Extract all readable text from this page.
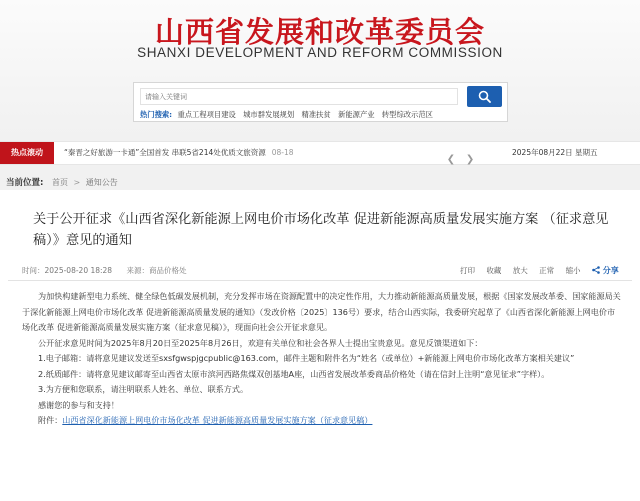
山西省发展和改革委员会
SHANXI DEVELOPMENT AND REFORM COMMISSION
请输入关键词
热门搜索: 重点工程项目建设 城市群发展规划 精准扶贫 新能源产业 转型综改示范区
热点滚动	“秦晋之好旅游一卡通”全国首发 串联5省214处优质文旅资源 08-18
❮ ❯
2025年08月22日 星期五
当前位置: 首页 > 通知公告
关于公开征求《山西省深化新能源上网电价市场化改革 促进新能源高质量发展实施方案 （征求意见稿）》意见的通知
时间：2025-08-20 18:28 来源：商品价格处	打印 收藏 放大 正常 缩小	分享

为加快构建新型电力系统、健全绿色低碳发展机制，充分发挥市场在资源配置中的决定性作用，大力推动新能源高质量发展，根据《国家发展改革委、国家能源局关于深化新能源上网电价市场化改革 促进新能源高质量发展的通知》（发改价格〔2025〕136号）要求，结合山西实际，我委研究起草了《山西省深化新能源上网电价市场化改革 促进新能源高质量发展实施方案（征求意见稿）》，现面向社会公开征求意见。

公开征求意见时间为2025年8月20日至2025年8月26日，欢迎有关单位和社会各界人士提出宝贵意见。意见反馈渠道如下：

1.电子邮箱：请将意见建议发送至sxsfgwspjgcpublic@163.com，邮件主题和附件名为“姓名（或单位）+新能源上网电价市场化改革方案相关建议”

2.纸质邮件：请将意见建议邮寄至山西省太原市滨河西路焦煤双创基地A座，山西省发展改革委商品价格处（请在信封上注明“意见征求”字样）。

3.为方便和您联系，请注明联系人姓名、单位、联系方式。

感谢您的参与和支持！

附件：山西省深化新能源上网电价市场化改革 促进新能源高质量发展实施方案（征求意见稿）
